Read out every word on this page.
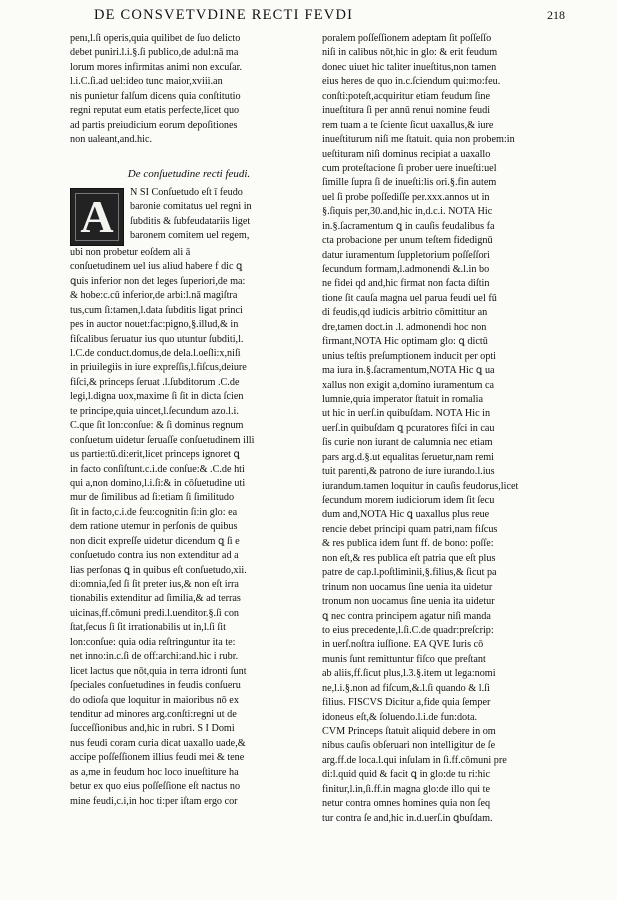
DE CONSVETVDINE RECTI FEVDI	218
penı,l.ſi operis,quia quilibet de ſuo delicto
debet puniri.l.i.§.ſi publico,de adul:nā ma
lorum mores infirmitas animi non excuſar.
l.i.C.ſi.ad uel:ideo tunc maior,xviii.an
nis punietur falſum dicens quia conſtitutio
regni reputat eum etatis perfecte,licet quo
ad partis preiudicium eorum depoſitiones
non ualeant,and.hic.
De conſuetudine recti feudi.
A N SI Conſuetudo eſt ī feudo
baronie comitatus uel regni in
ſubditis & ſubfeudatariis liget
baronem comitem uel regem,
ubi non probetur eoſdem ali ā
conſuetudinem uel ius aliud habere f dic ꝗ
ꝗuis inferior non det leges ſuperiori,de ma:
& hobe:c.cū inferior,de arbi:l.nā magiſtra
tus,cum ſi:tamen,l.data ſubditis ligat princi
pes in auctor nouet:fac:pigno,§.illud,& in
fiſcalibus ſeruatur ius quo utuntur ſubditi,l.
l.C.de conduct.domus,de dela.l.oeſli:x,niſi
in priuilegiis in iure expreſſis,l.fiſcus,deiure
fiſci,& princeps ſeruat .l.ſubditorum .C.de
legi,l.digna uox,maxime ſi ſit in dicta ſcien
te principe,quia uincet,l.ſecundum azo.l.i.
C.que ſit lon:conſue: & ſi dominus regnum
conſuetum uidetur ſeruaſſe conſuetudinem illi
us partie:tū.di:erit,licet princeps ignoret ꝗ
in facto conſiſtunt.c.i.de conſue:& .C.de hti
qui a,non domino,l.i.ſi:& in cōſuetudine uti
mur de ſimilibus ad ſi:etiam ſi ſimilitudo
ſit in facto,c.i.de feu:cognitin ſi:in glo: ea
dem ratione utemur in perſonis de quibus
non dicit expreſſe uidetur dicendum ꝗ ſi e
conſuetudo contra ius non extenditur ad a
lias perſonas ꝗ in quibus eſt conſuetudo,xii.
di:omnia,ſed ſi ſit preter ius,& non eſt irra
tionabilis extenditur ad ſimilia,& ad terras
uicinas,ff.cōmuni predi.l.uenditor.§.ſi con
ſtat,ſecus ſi ſit irrationabilis ut in,l.ſi ſit
lon:conſue: quia odia reſtringuntur ita te:
net inno:in.c.ſi de off:archi:and.hic i rubr.
licet lactus que nōt,quia in terra idronti ſunt
ſpeciales conſuetudines in feudis conſueru
do odioſa que loquitur in maioribus nō ex
tenditur ad minores arg.conſti:regni ut de
ſucceſſionibus and,hic in rubri. S I Domi
nus feudi coram curia dicat uaxallo uade,&
accipe poſſeſſionem illius feudi mei & tene
as a,me in feudum hoc loco inueſtiture ha
betur ex quo eius poſſeſſione eſt nactus no
mine feudi,c.i,in hoc ti:per iſtam ergo cor
poralem poſſeſſionem adeptam ſit poſſeſſo
niſi in calibus nōt,hic in glo: & erit feudum
donec uiuet hic taliter inueſtitus,non tamen
eius heres de quo in.c.ſciendum qui:mo:feu.
conſti:poteſt,acquiritur etiam feudum ſine
inueſtitura ſi per annū renui nomine feudi
rem tuam a te ſciente ſicut uaxallus,& iure
inueſtiturum niſi me ſtatuit. quia non probem:in
ueſtituram niſi dominus recipiat a uaxallo
cum proteſtacione ſi prober uere inueſti:uel
ſimille ſupra ſi de inueſti:lis ori.§.fin autem
uel ſi probe poſſediſſe per.xxx.annos ut in
§.ſiquis per,30.and,hic in,d.c.i. NOTA Hic
in.§.ſacramentum ꝗ in cauſis feudalibus fa
cta probacione per unum teſtem fidedignū
datur iuramentum ſuppletorium poſſeſſori
ſecundum formam,l.admonendi &.l.in bo
ne fidei qd and,hic firmat non facta diſtin
tione ſit cauſa magna uel parua feudi uel fū
di feudis,qd iudicis arbitrio cōmittitur an
dre,tamen doct.in .l. admonendi hoc non
firmant,NOTA Hic optimam glo: ꝗ dictū
unius teſtis preſumptionem inducit per opti
ma iura in.§.ſacramentum,NOTA Hic ꝗ ua
xallus non exigit a,domino iuramentum ca
lumnie,quia imperator ſtatuit in romalia
ut hic in uerſ.in quibuſdam. NOTA Hic in
uerſ.in quibuſdam ꝗ pcuratores fiſci in cau
ſis curie non iurant de calumnia nec etiam
pars arg.d.§.ut equalitas ſeruetur,nam remi
tuit parenti,& patrono de iure iurando.l.ius
iurandum.tamen loquitur in cauſis feudorus,licet
ſecundum morem iudiciorum idem ſit ſecu
dum and,NOTA Hic ꝗ uaxallus plus reue
rencie debet principi quam patri,nam fiſcus
& res publica idem ſunt ff. de bono: poſſe:
non eſt,& res publica eſt patria que eſt plus
patre de cap.l.poſtliminii,§.filius,& ſicut pa
trinum non uocamus ſine uenia ita uidetur
tronum non uocamus ſine uenia ita uidetur
ꝗ nec contra principem agatur niſi manda
to eius precedente,l.ſi.C.de quadr:preſcrip:
in uerſ.noſtra iuſſione. EA QVE Iuris cō
munis ſunt remittuntur fiſco que preſtant
ab aliis,ff.ſicut plus,l.3.§.item ut lega:nomi
ne,l.i.§.non ad fiſcum,&.l.ſi quando & l.ſi
filius. FISCVS Dicitur a,fide quia ſemper
idoneus eſt,& ſoluendo.l.i.de fun:dota.
CVM Princeps ſtatuit aliquid debere in om
nibus cauſis obſeruari non intelligitur de ſe
arg.ff.de loca.l.qui inſulam in ſi.ff.cōmuni pre
di:l.quid quid & facit ꝗ in glo:de tu ri:hic
finitur,l.in,ſi.ff.in magna glo:de illo qui te
netur contra omnes homines quia non ſeq
tur contra ſe and,hic in.d.uerſ.in ꝗbuſdam.
